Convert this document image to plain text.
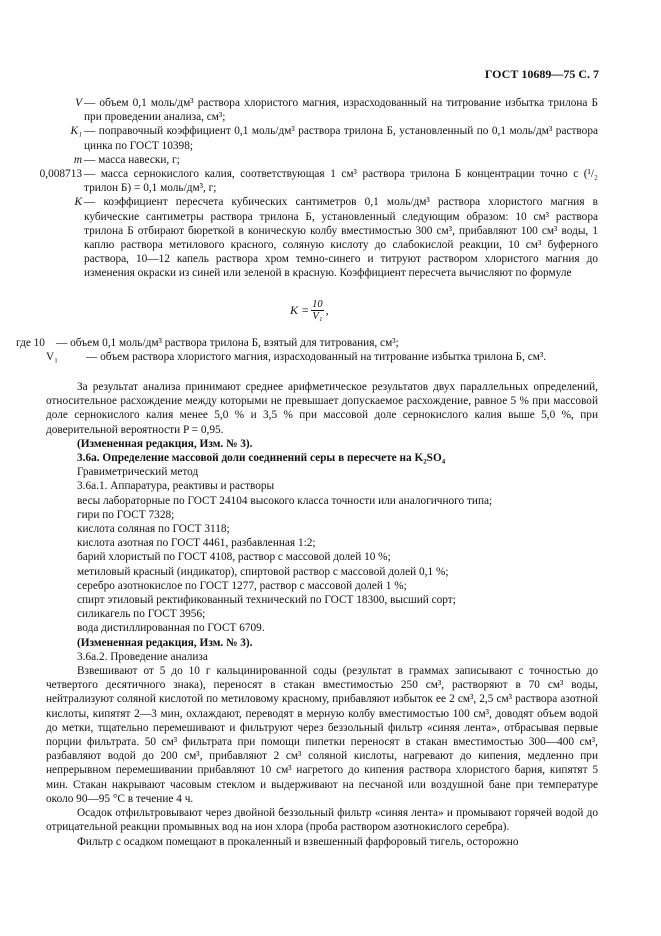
ГОСТ 10689—75 С. 7
V — объем 0,1 моль/дм³ раствора хлористого магния, израсходованный на титрование избытка трилона Б при проведении анализа, см³;
K₁ — поправочный коэффициент 0,1 моль/дм³ раствора трилона Б, установленный по 0,1 моль/дм³ раствора цинка по ГОСТ 10398;
m — масса навески, г;
0,008713 — масса сернокислого калия, соответствующая 1 см³ раствора трилона Б концентрации точно c (¹/₂ трилон Б) = 0,1 моль/дм³, г;
K — коэффициент пересчета кубических сантиметров 0,1 моль/дм³ раствора хлористого магния в кубические сантиметры раствора трилона Б, установленный следующим образом: 10 см³ раствора трилона Б отбирают бюреткой в коническую колбу вместимостью 300 см³, прибавляют 100 см³ воды, 1 каплю раствора метилового красного, соляную кислоту до слабокислой реакции, 10 см³ буферного раствора, 10—12 капель раствора хром темно-синего и титруют раствором хлористого магния до изменения окраски из синей или зеленой в красную. Коэффициент пересчета вычисляют по формуле
$K = \frac{10}{\text{V₁}}$ ,
где 10 — объем 0,1 моль/дм³ раствора трилона Б, взятый для титрования, см³;
V₁ — объем раствора хлористого магния, израсходованный на титрование избытка трилона Б, см³.

За результат анализа принимают среднее арифметическое результатов двух параллельных определений, относительное расхождение между которыми не превышает допускаемое расхождение, равное 5 % при массовой доле сернокислого калия менее 5,0 % и 3,5 % при массовой доле сернокислого калия выше 5,0 %, при доверительной вероятности P = 0,95.

(Измененная редакция, Изм. № 3).

3.6а. Определение массовой доли соединений серы в пересчете на K₂SO₄

Гравиметрический метод

3.6а.1. Аппаратура, реактивы и растворы

весы лабораторные по ГОСТ 24104 высокого класса точности или аналогичного типа;

гири по ГОСТ 7328;

кислота соляная по ГОСТ 3118;

кислота азотная по ГОСТ 4461, разбавленная 1:2;

барий хлористый по ГОСТ 4108, раствор с массовой долей 10 %;

метиловый красный (индикатор), спиртовой раствор с массовой долей 0,1 %;

серебро азотнокислое по ГОСТ 1277, раствор с массовой долей 1 %;

спирт этиловый ректификованный технический по ГОСТ 18300, высший сорт;

силикагель по ГОСТ 3956;

вода дистиллированная по ГОСТ 6709.

(Измененная редакция, Изм. № 3).

3.6а.2. Проведение анализа

Взвешивают от 5 до 10 г кальцинированной соды (результат в граммах записывают с точностью до четвертого десятичного знака), переносят в стакан вместимостью 250 см³, растворяют в 70 см³ воды, нейтрализуют соляной кислотой по метиловому красному, прибавляют избыток ее 2 см³, 2,5 см³ раствора азотной кислоты, кипятят 2—3 мин, охлаждают, переводят в мерную колбу вместимостью 100 см³, доводят объем водой до метки, тщательно перемешивают и фильтруют через беззольный фильтр «синяя лента», отбрасывая первые порции фильтрата. 50 см³ фильтрата при помощи пипетки переносят в стакан вместимостью 300—400 см³, разбавляют водой до 200 см³, прибавляют 2 см³ соляной кислоты, нагревают до кипения, медленно при непрерывном перемешивании прибавляют 10 см³ нагретого до кипения раствора хлористого бария, кипятят 5 мин. Стакан накрывают часовым стеклом и выдерживают на песчаной или воздушной бане при температуре около 90—95 °С в течение 4 ч.

Осадок отфильтровывают через двойной беззольный фильтр «синяя лента» и промывают горячей водой до отрицательной реакции промывных вод на ион хлора (проба раствором азотнокислого серебра).

Фильтр с осадком помещают в прокаленный и взвешенный фарфоровый тигель, осторожно
